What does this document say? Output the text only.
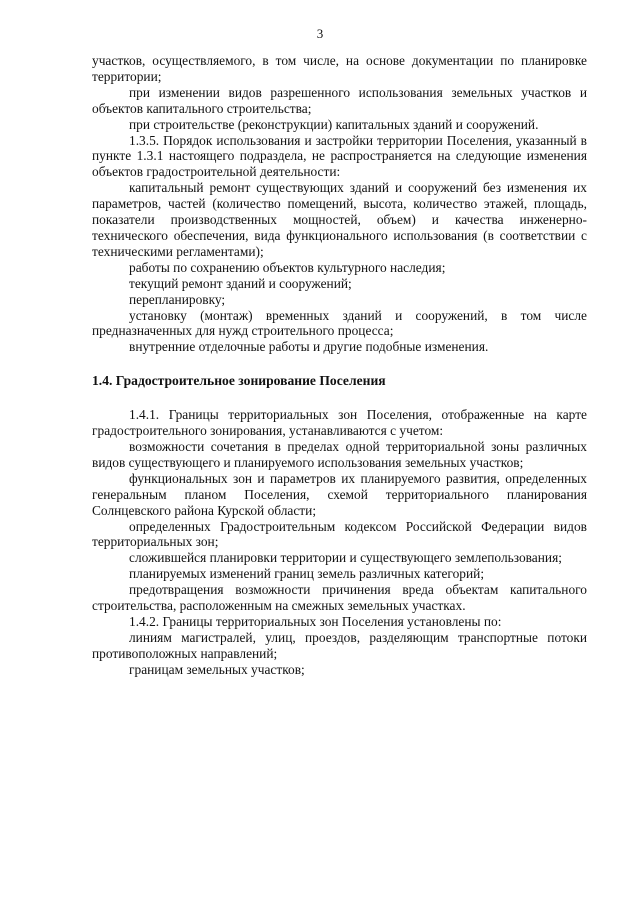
3

участков, осуществляемого, в том числе, на основе документации по планировке территории;

при изменении видов разрешенного использования земельных участков и объектов капитального строительства;

при строительстве (реконструкции) капитальных зданий и сооружений.

1.3.5. Порядок использования и застройки территории Поселения, указанный в пункте 1.3.1 настоящего подраздела, не распространяется на следующие изменения объектов градостроительной деятельности:

капитальный ремонт существующих зданий и сооружений без изменения их параметров, частей (количество помещений, высота, количество этажей, площадь, показатели производственных мощностей, объем) и качества инженерно-технического обеспечения, вида функционального использования (в соответствии с техническими регламентами);

работы по сохранению объектов культурного наследия;

текущий ремонт зданий и сооружений;

перепланировку;

установку (монтаж) временных зданий и сооружений, в том числе предназначенных для нужд строительного процесса;

внутренние отделочные работы и другие подобные изменения.

1.4. Градостроительное зонирование Поселения

1.4.1. Границы территориальных зон Поселения, отображенные на карте градостроительного зонирования, устанавливаются с учетом:

возможности сочетания в пределах одной территориальной зоны различных видов существующего и планируемого использования земельных участков;

функциональных зон и параметров их планируемого развития, определенных генеральным планом Поселения, схемой территориального планирования Солнцевского района Курской области;

определенных Градостроительным кодексом Российской Федерации видов территориальных зон;

сложившейся планировки территории и существующего землепользования;

планируемых изменений границ земель различных категорий;

предотвращения возможности причинения вреда объектам капитального строительства, расположенным на смежных земельных участках.

1.4.2. Границы территориальных зон Поселения установлены по:

линиям магистралей, улиц, проездов, разделяющим транспортные потоки противоположных направлений;

границам земельных участков;
